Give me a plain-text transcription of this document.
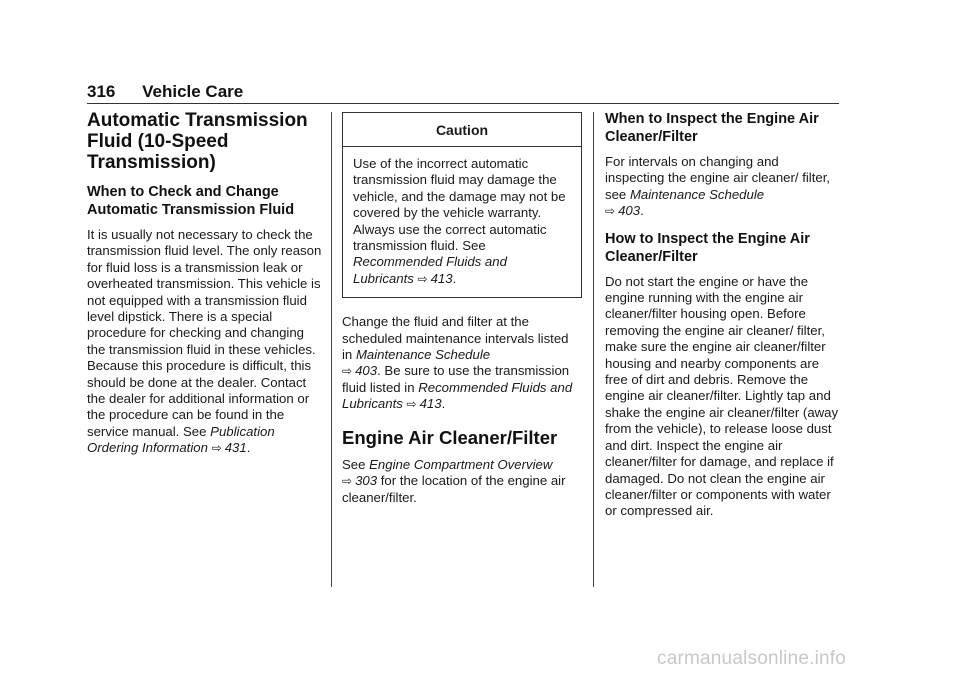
316 Vehicle Care
Automatic Transmission Fluid (10-Speed Transmission)
When to Check and Change Automatic Transmission Fluid

It is usually not necessary to check the transmission fluid level. The only reason for fluid loss is a transmission leak or overheated transmission. This vehicle is not equipped with a transmission fluid level dipstick. There is a special procedure for checking and changing the transmission fluid in these vehicles. Because this procedure is difficult, this should be done at the dealer. Contact the dealer for additional information or the procedure can be found in the service manual. See Publication Ordering Information ⇨ 431.

Caution
Use of the incorrect automatic transmission fluid may damage the vehicle, and the damage may not be covered by the vehicle warranty. Always use the correct automatic transmission fluid. See Recommended Fluids and Lubricants ⇨ 413.

Change the fluid and filter at the scheduled maintenance intervals listed in Maintenance Schedule
⇨ 403. Be sure to use the transmission fluid listed in Recommended Fluids and Lubricants ⇨ 413.

Engine Air Cleaner/Filter

See Engine Compartment Overview
⇨ 303 for the location of the engine air cleaner/filter.

When to Inspect the Engine Air Cleaner/Filter

For intervals on changing and inspecting the engine air cleaner/ filter, see Maintenance Schedule
⇨ 403.

How to Inspect the Engine Air Cleaner/Filter

Do not start the engine or have the engine running with the engine air cleaner/filter housing open. Before removing the engine air cleaner/ filter, make sure the engine air cleaner/filter housing and nearby components are free of dirt and debris. Remove the engine air cleaner/filter. Lightly tap and shake the engine air cleaner/filter (away from the vehicle), to release loose dust and dirt. Inspect the engine air cleaner/filter for damage, and replace if damaged. Do not clean the engine air cleaner/filter or components with water or compressed air.

carmanualsonline.info
